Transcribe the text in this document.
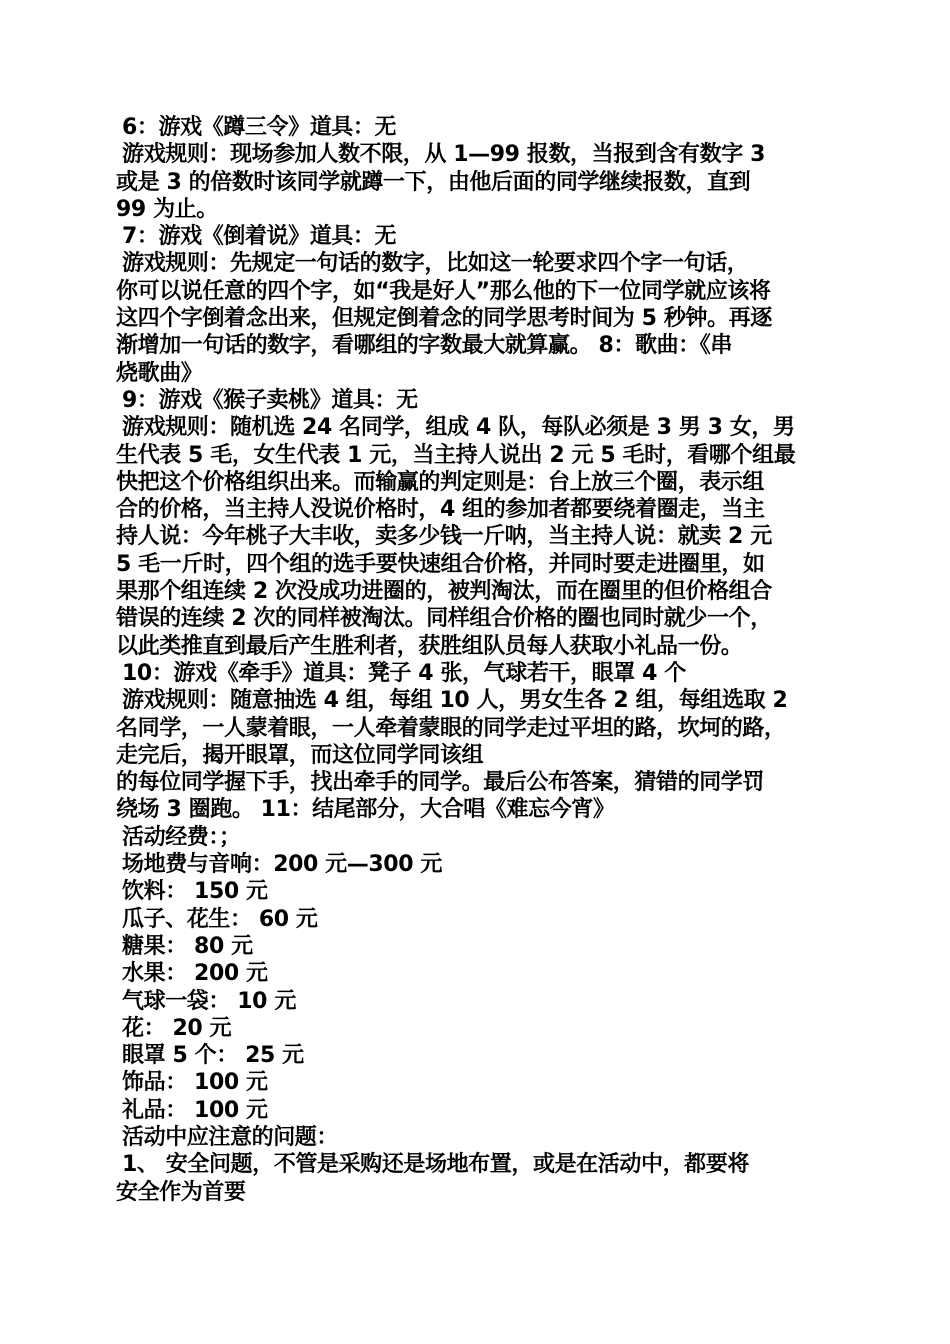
6：游戏《蹲三令》道具：无
游戏规则：现场参加人数不限，从 1—99 报数，当报到含有数字 3
或是 3 的倍数时该同学就蹲一下，由他后面的同学继续报数，直到
99 为止。
7：游戏《倒着说》道具：无
游戏规则：先规定一句话的数字，比如这一轮要求四个字一句话，
你可以说任意的四个字，如“我是好人”那么他的下一位同学就应该将
这四个字倒着念出来，但规定倒着念的同学思考时间为 5 秒钟。再逐
渐增加一句话的数字，看哪组的字数最大就算赢。 8：歌曲：《串
烧歌曲》
9：游戏《猴子卖桃》道具：无
游戏规则：随机选 24 名同学，组成 4 队，每队必须是 3 男 3 女，男
生代表 5 毛，女生代表 1 元，当主持人说出 2 元 5 毛时，看哪个组最
快把这个价格组织出来。而输赢的判定则是：台上放三个圈，表示组
合的价格，当主持人没说价格时，4 组的参加者都要绕着圈走，当主
持人说：今年桃子大丰收，卖多少钱一斤呐，当主持人说：就卖 2 元
5 毛一斤时，四个组的选手要快速组合价格，并同时要走进圈里，如
果那个组连续 2 次没成功进圈的，被判淘汰，而在圈里的但价格组合
错误的连续 2 次的同样被淘汰。同样组合价格的圈也同时就少一个，
以此类推直到最后产生胜利者，获胜组队员每人获取小礼品一份。
10：游戏《牵手》道具：凳子 4 张，气球若干，眼罩 4 个
游戏规则：随意抽选 4 组，每组 10 人，男女生各 2 组，每组选取 2
名同学，一人蒙着眼，一人牵着蒙眼的同学走过平坦的路，坎坷的路，
走完后，揭开眼罩，而这位同学同该组
的每位同学握下手，找出牵手的同学。最后公布答案，猜错的同学罚
绕场 3 圈跑。 11：结尾部分，大合唱《难忘今宵》
活动经费：；
场地费与音响：200 元—300 元
饮料： 150 元
瓜子、花生： 60 元
糖果： 80 元
水果： 200 元
气球一袋： 10 元
花： 20 元
眼罩 5 个： 25 元
饰品： 100 元
礼品： 100 元
活动中应注意的问题：
1、 安全问题，不管是采购还是场地布置，或是在活动中，都要将
安全作为首要
